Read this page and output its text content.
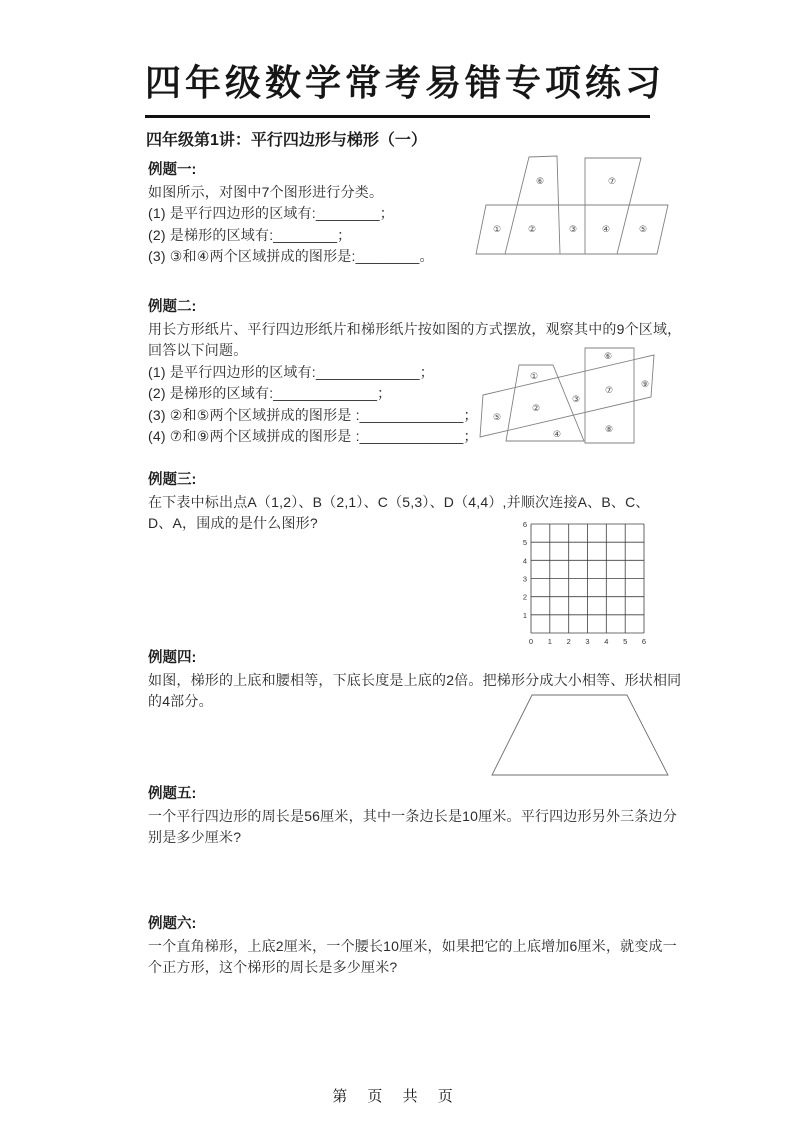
四年级数学常考易错专项练习
四年级第1讲：平行四边形与梯形（一）
例题一:
如图所示，对图中7个图形进行分类。
(1) 是平行四边形的区域有:________；
(2) 是梯形的区域有:________；
(3) ③和④两个区域拼成的图形是:________。
①	②	③	④	⑤
⑥	⑦
例题二:
用长方形纸片、平行四边形纸片和梯形纸片按如图的方式摆放，观察其中的9个区域，
回答以下问题。
(1) 是平行四边形的区域有:_____________；
(2) 是梯形的区域有:_____________；
(3) ②和⑤两个区域拼成的图形是 :_____________；
(4) ⑦和⑨两个区域拼成的图形是 :_____________；
①
②
③
④
⑤
⑥
⑦
⑧
⑨
例题三:
在下表中标出点A（1,2）、B（2,1）、C（5,3）、D（4,4）,并顺次连接A、B、C、
D、A，围成的是什么图形?	6
5
4
3
2
1
0 1 2 3 4 5 6
例题四:
如图，梯形的上底和腰相等，下底长度是上底的2倍。把梯形分成大小相等、形状相同
的4部分。
例题五:
一个平行四边形的周长是56厘米，其中一条边长是10厘米。平行四边形另外三条边分
别是多少厘米?
例题六:
一个直角梯形，上底2厘米，一个腰长10厘米，如果把它的上底增加6厘米，就变成一
个正方形，这个梯形的周长是多少厘米?
第 页 共 页
